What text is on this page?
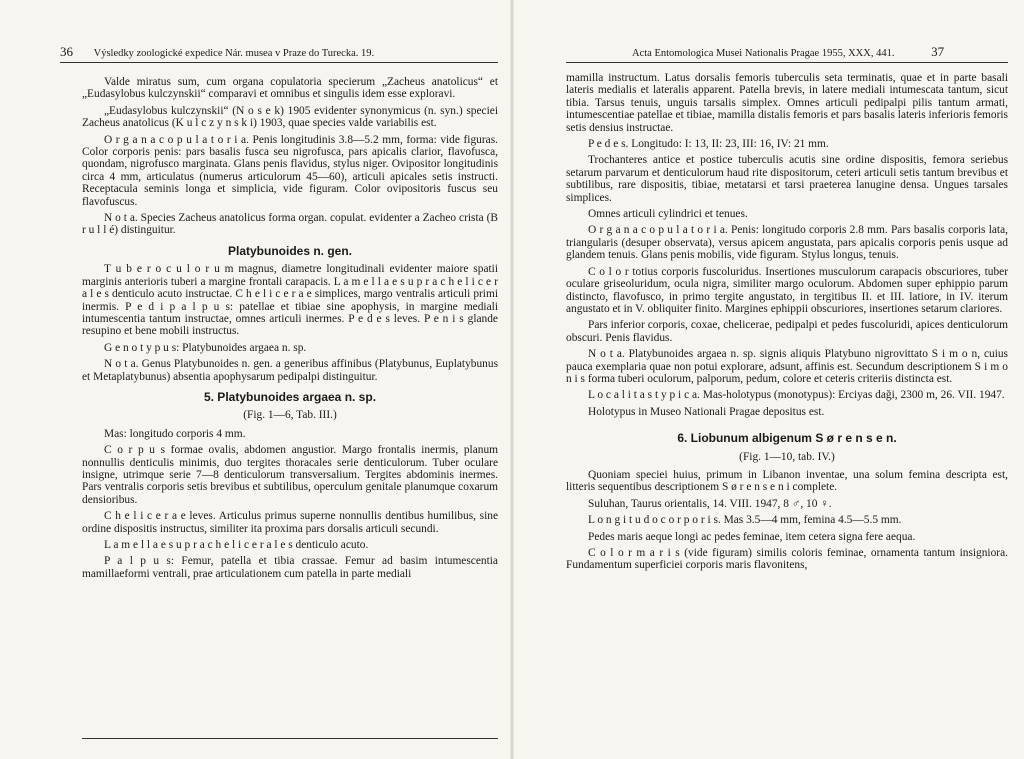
36 Výsledky zoologické expedice Nár. musea v Praze do Turecka. 19.

Valde miratus sum, cum organa copulatoria specierum „Zacheus anatolicus“ et „Eudasylobus kulczynskii“ comparavi et omnibus et singulis idem esse exploravi.

„Eudasylobus kulczynskii“ (N o s e k) 1905 evidenter synonymicus (n. syn.) speciei Zacheus anatolicus (K u l c z y n s k i) 1903, quae species valde variabilis est.

O r g a n a c o p u l a t o r i a. Penis longitudinis 3.8—5.2 mm, forma: vide figuras. Color corporis penis: pars basalis fusca seu nigrofusca, pars apicalis clarior, flavofusca, quondam, nigrofusco marginata. Glans penis flavidus, stylus niger. Ovipositor longitudinis circa 4 mm, articulatus (numerus articulorum 45—60), articuli apicales setis instructi. Receptacula seminis longa et simplicia, vide figuram. Color ovipositoris fuscus seu flavofuscus.

N o t a. Species Zacheus anatolicus forma organ. copulat. evidenter a Zacheo crista (B r u l l é) distinguitur.

Platybunoides n. gen.

T u b e r o c u l o r u m magnus, diametre longitudinali evidenter maiore spatii marginis anterioris tuberi a margine frontali carapacis. L a m e l l a e s u p r a c h e l i c e r a l e s denticulo acuto instructae. C h e l i c e r a e simplices, margo ventralis articuli primi inermis. P e d i p a l p u s: patellae et tibiae sine apophysis, in margine mediali intumescentia tantum instructae, omnes articuli inermes. P e d e s leves. P e n i s glande resupino et bene mobili instructus.

G e n o t y p u s: Platybunoides argaea n. sp.

N o t a. Genus Platybunoides n. gen. a generibus affinibus (Platybunus, Euplatybunus et Metaplatybunus) absentia apophysarum pedipalpi distinguitur.

5. Platybunoides argaea n. sp.
(Fig. 1—6, Tab. III.)

Mas: longitudo corporis 4 mm.

C o r p u s formae ovalis, abdomen angustior. Margo frontalis inermis, planum nonnullis denticulis minimis, duo tergites thoracales serie denticulorum. Tuber oculare insigne, utrimque serie 7—8 denticulorum transversalium. Tergites abdominis inermes. Pars ventralis corporis setis brevibus et subtilibus, operculum genitale planumque coxarum densioribus.

C h e l i c e r a e leves. Articulus primus superne nonnullis dentibus humilibus, sine ordine dispositis instructus, similiter ita proxima pars dorsalis articuli secundi.

L a m e l l a e s u p r a c h e l i c e r a l e s denticulo acuto.

P a l p u s: Femur, patella et tibia crassae. Femur ad basim intumescentia mamillaeformi ventrali, prae articulationem cum patella in parte mediali

Acta Entomologica Musei Nationalis Pragae 1955, XXX, 441.	37

mamilla instructum. Latus dorsalis femoris tuberculis seta terminatis, quae et in parte basali lateris medialis et lateralis apparent. Patella brevis, in latere mediali intumescata tantum, sicut tibia. Tarsus tenuis, unguis tarsalis simplex. Omnes articuli pedipalpi pilis tantum armati, intumescentiae patellae et tibiae, mamilla distalis femoris et pars basalis lateris inferioris femoris setis densius instructae.

P e d e s. Longitudo: I: 13, II: 23, III: 16, IV: 21 mm.

Trochanteres antice et postice tuberculis acutis sine ordine dispositis, femora seriebus setarum parvarum et denticulorum haud rite dispositorum, ceteri articuli setis tantum brevibus et subtilibus, rare dispositis, tibiae, metatarsi et tarsi praeterea lanugine densa. Ungues tarsales simplices.

Omnes articuli cylindrici et tenues.

O r g a n a c o p u l a t o r i a. Penis: longitudo corporis 2.8 mm. Pars basalis corporis lata, triangularis (desuper observata), versus apicem angustata, pars apicalis corporis penis usque ad glandem tenuis. Glans penis mobilis, vide figuram. Stylus longus, tenuis.

C o l o r totius corporis fuscoluridus. Insertiones musculorum carapacis obscuriores, tuber oculare griseoluridum, ocula nigra, similiter margo oculorum. Abdomen super ephippio parum distincto, flavofusco, in primo tergite angustato, in tergitibus II. et III. latiore, in IV. iterum angustato et in V. obliquiter finito. Margines ephippii obscuriores, insertiones setarum clariores.

Pars inferior corporis, coxae, chelicerae, pedipalpi et pedes fuscoluridi, apices denticulorum obscuri. Penis flavidus.

N o t a. Platybunoides argaea n. sp. signis aliquis Platybuno nigrovittato S i m o n, cuius pauca exemplaria quae non potui explorare, adsunt, affinis est. Secundum descriptionem S i m o n i s forma tuberi oculorum, palporum, pedum, colore et ceteris criteriis distincta est.

L o c a l i t a s t y p i c a. Mas-holotypus (monotypus): Erciyas daği, 2300 m, 26. VII. 1947.

Holotypus in Museo Nationali Pragae depositus est.

6. Liobunum albigenum S ø r e n s e n.
(Fig. 1—10, tab. IV.)

Quoniam speciei huius, primum in Libanon inventae, una solum femina descripta est, litteris sequentibus descriptionem S ø r e n s e n i complete.

Suluhan, Taurus orientalis, 14. VIII. 1947, 8 ♂, 10 ♀.

L o n g i t u d o c o r p o r i s. Mas 3.5—4 mm, femina 4.5—5.5 mm.

Pedes maris aeque longi ac pedes feminae, item cetera signa fere aequa.

C o l o r m a r i s (vide figuram) similis coloris feminae, ornamenta tantum insigniora. Fundamentum superficiei corporis maris flavonitens,
